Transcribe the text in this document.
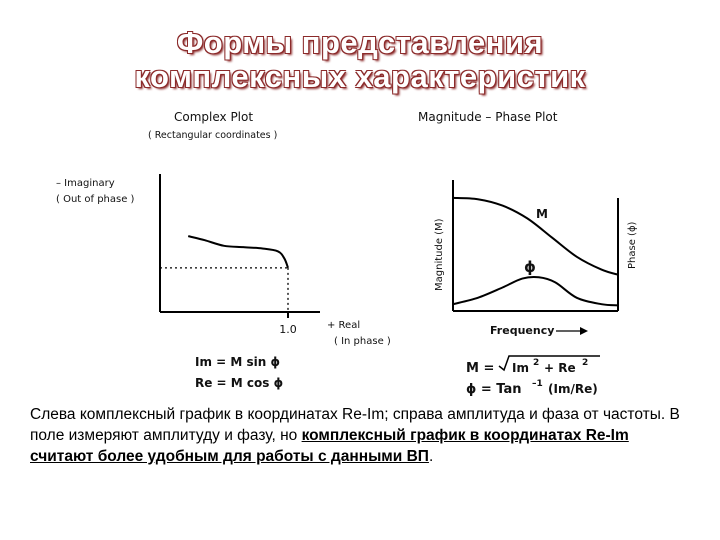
Формы представления
комплексных характеристик
Complex Plot
( Rectangular coordinates )
– Imaginary
( Out of phase )
1.0	+ Real
( In phase )
Im = M sin ϕ
Re = M cos ϕ
Magnitude – Phase Plot
Magnitude (M)	Phase (ϕ)
M
ϕ
Frequency
M = Im 2 + Re 2
ϕ = Tan –1 (Im/Re)
Слева комплексный график в координатах Re-Im; справа амплитуда и фаза от частоты. В поле измеряют амплитуду и фазу, но комплексный график в координатах Re-Im считают более удобным для работы с данными ВП.
